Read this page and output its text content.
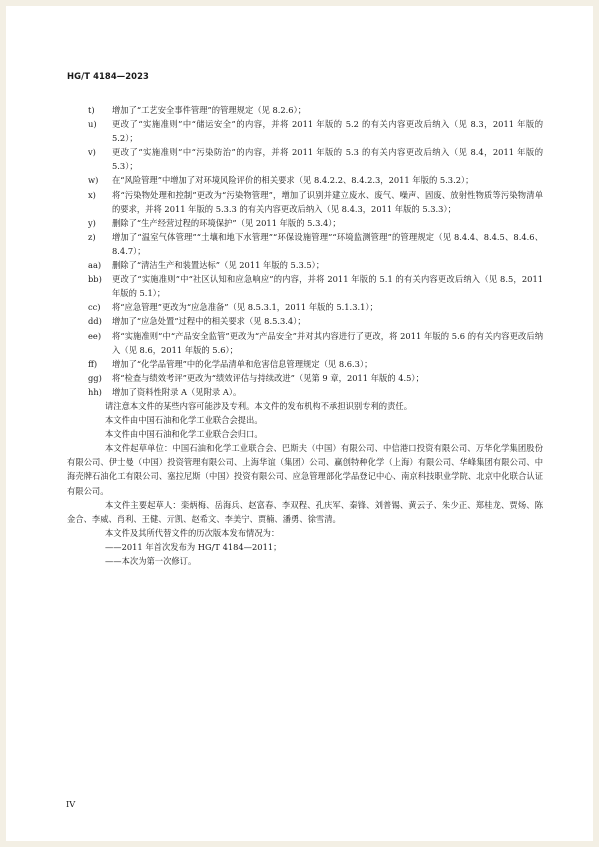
HG/T 4184—2023
t)	增加了“工艺安全事件管理”的管理规定（见 8.2.6）；
u)	更改了“实施准则”中“储运安全”的内容，并将 2011 年版的 5.2 的有关内容更改后纳入（见 8.3，2011 年版的 5.2）；
v)	更改了“实施准则”中“污染防治”的内容，并将 2011 年版的 5.3 的有关内容更改后纳入（见 8.4，2011 年版的 5.3）；
w)	在“风险管理”中增加了对环境风险评价的相关要求（见 8.4.2.2、8.4.2.3，2011 年版的 5.3.2）；
x)	将“污染物处理和控制”更改为“污染物管理”，增加了识别并建立废水、废气、噪声、固废、放射性物质等污染物清单的要求，并将 2011 年版的 5.3.3 的有关内容更改后纳入（见 8.4.3，2011 年版的 5.3.3）；
y)	删除了“生产经营过程的环境保护”（见 2011 年版的 5.3.4）；
z)	增加了“温室气体管理”“土壤和地下水管理”“环保设施管理”“环境监测管理”的管理规定（见 8.4.4、8.4.5、8.4.6、8.4.7）；
aa)	删除了“清洁生产和装置达标”（见 2011 年版的 5.3.5）；
bb)	更改了“实施准则”中“社区认知和应急响应”的内容，并将 2011 年版的 5.1 的有关内容更改后纳入（见 8.5，2011 年版的 5.1）；
cc)	将“应急管理”更改为“应急准备”（见 8.5.3.1，2011 年版的 5.1.3.1）；
dd)	增加了“应急处置”过程中的相关要求（见 8.5.3.4）；
ee)	将“实施准则”中“产品安全监管”更改为“产品安全”并对其内容进行了更改，将 2011 年版的 5.6 的有关内容更改后纳入（见 8.6，2011 年版的 5.6）；
ff)	增加了“化学品管理”中的化学品清单和危害信息管理规定（见 8.6.3）；
gg)	将“检查与绩效考评”更改为“绩效评估与持续改进”（见第 9 章，2011 年版的 4.5）；
hh)	增加了资料性附录 A（见附录 A）。
请注意本文件的某些内容可能涉及专利。本文件的发布机构不承担识别专利的责任。
本文件由中国石油和化学工业联合会提出。
本文件由中国石油和化学工业联合会归口。
本文件起草单位：中国石油和化学工业联合会、巴斯夫（中国）有限公司、中信港口投资有限公司、万华化学集团股份有限公司、伊士曼（中国）投资管理有限公司、上海华谊（集团）公司、赢创特种化学（上海）有限公司、华峰集团有限公司、中海壳牌石油化工有限公司、塞拉尼斯（中国）投资有限公司、应急管理部化学品登记中心、南京科技职业学院、北京中化联合认证有限公司。
本文件主要起草人：栾炳梅、岳海兵、赵富春、李双程、孔庆军、秦锋、刘普锡、黄云子、朱少正、郑桂龙、贾炀、陈金合、李威、肖利、王健、亓凯、赵希文、李美宁、贾楠、潘勇、徐雪清。
本文件及其所代替文件的历次版本发布情况为：
——2011 年首次发布为 HG/T 4184—2011；
——本次为第一次修订。
IV
